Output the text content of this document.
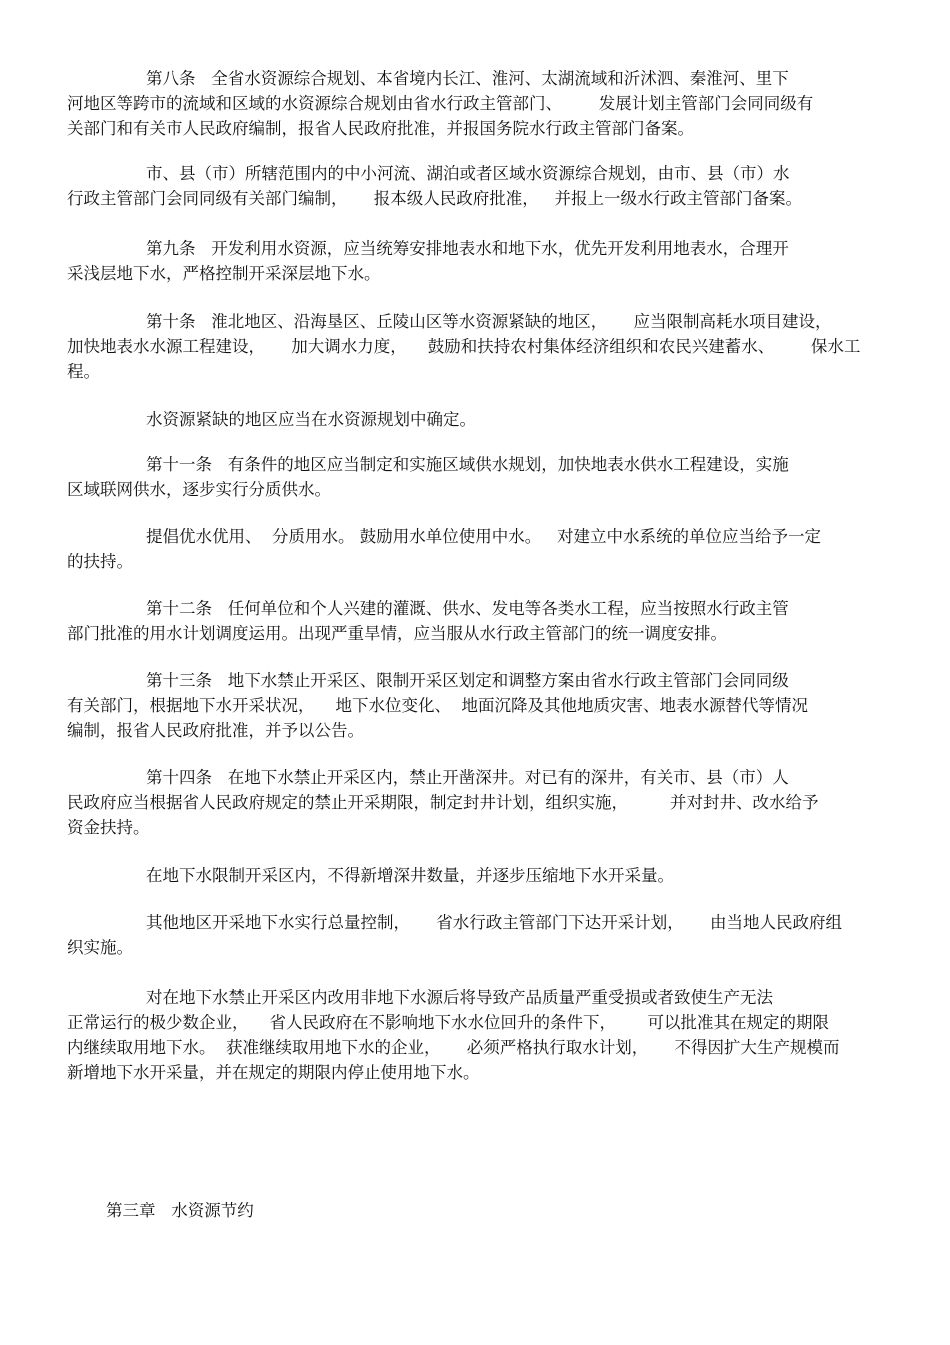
第八条   全省水资源综合规划、本省境内长江、淮河、太湖流域和沂沭泗、秦淮河、里下
河地区等跨市的流域和区域的水资源综合规划由省水行政主管部门、       发展计划主管部门会同同级有
关部门和有关市人民政府编制，报省人民政府批准，并报国务院水行政主管部门备案。
市、县（市）所辖范围内的中小河流、湖泊或者区域水资源综合规划，由市、县（市）水
行政主管部门会同同级有关部门编制，     报本级人民政府批准，   并报上一级水行政主管部门备案。
第九条   开发利用水资源，应当统筹安排地表水和地下水，优先开发利用地表水，合理开
采浅层地下水，严格控制开采深层地下水。
第十条   淮北地区、沿海垦区、丘陵山区等水资源紧缺的地区，     应当限制高耗水项目建设，
加快地表水水源工程建设，     加大调水力度，    鼓励和扶持农村集体经济组织和农民兴建蓄水、       保水工
程。
水资源紧缺的地区应当在水资源规划中确定。
第十一条   有条件的地区应当制定和实施区域供水规划，加快地表水供水工程建设，实施
区域联网供水，逐步实行分质供水。
提倡优水优用、  分质用水。 鼓励用水单位使用中水。   对建立中水系统的单位应当给予一定
的扶持。
第十二条   任何单位和个人兴建的灌溉、供水、发电等各类水工程，应当按照水行政主管
部门批准的用水计划调度运用。出现严重旱情，应当服从水行政主管部门的统一调度安排。
第十三条   地下水禁止开采区、限制开采区划定和调整方案由省水行政主管部门会同同级
有关部门，根据地下水开采状况，    地下水位变化、  地面沉降及其他地质灾害、地表水源替代等情况
编制，报省人民政府批准，并予以公告。
第十四条   在地下水禁止开采区内，禁止开凿深井。对已有的深井，有关市、县（市）人
民政府应当根据省人民政府规定的禁止开采期限，制定封井计划，组织实施，        并对封井、改水给予
资金扶持。
在地下水限制开采区内，不得新增深井数量，并逐步压缩地下水开采量。
其他地区开采地下水实行总量控制，     省水行政主管部门下达开采计划，     由当地人民政府组
织实施。
对在地下水禁止开采区内改用非地下水源后将导致产品质量严重受损或者致使生产无法
正常运行的极少数企业，    省人民政府在不影响地下水水位回升的条件下，      可以批准其在规定的期限
内继续取用地下水。  获准继续取用地下水的企业，     必须严格执行取水计划，     不得因扩大生产规模而
新增地下水开采量，并在规定的期限内停止使用地下水。
第三章   水资源节约
